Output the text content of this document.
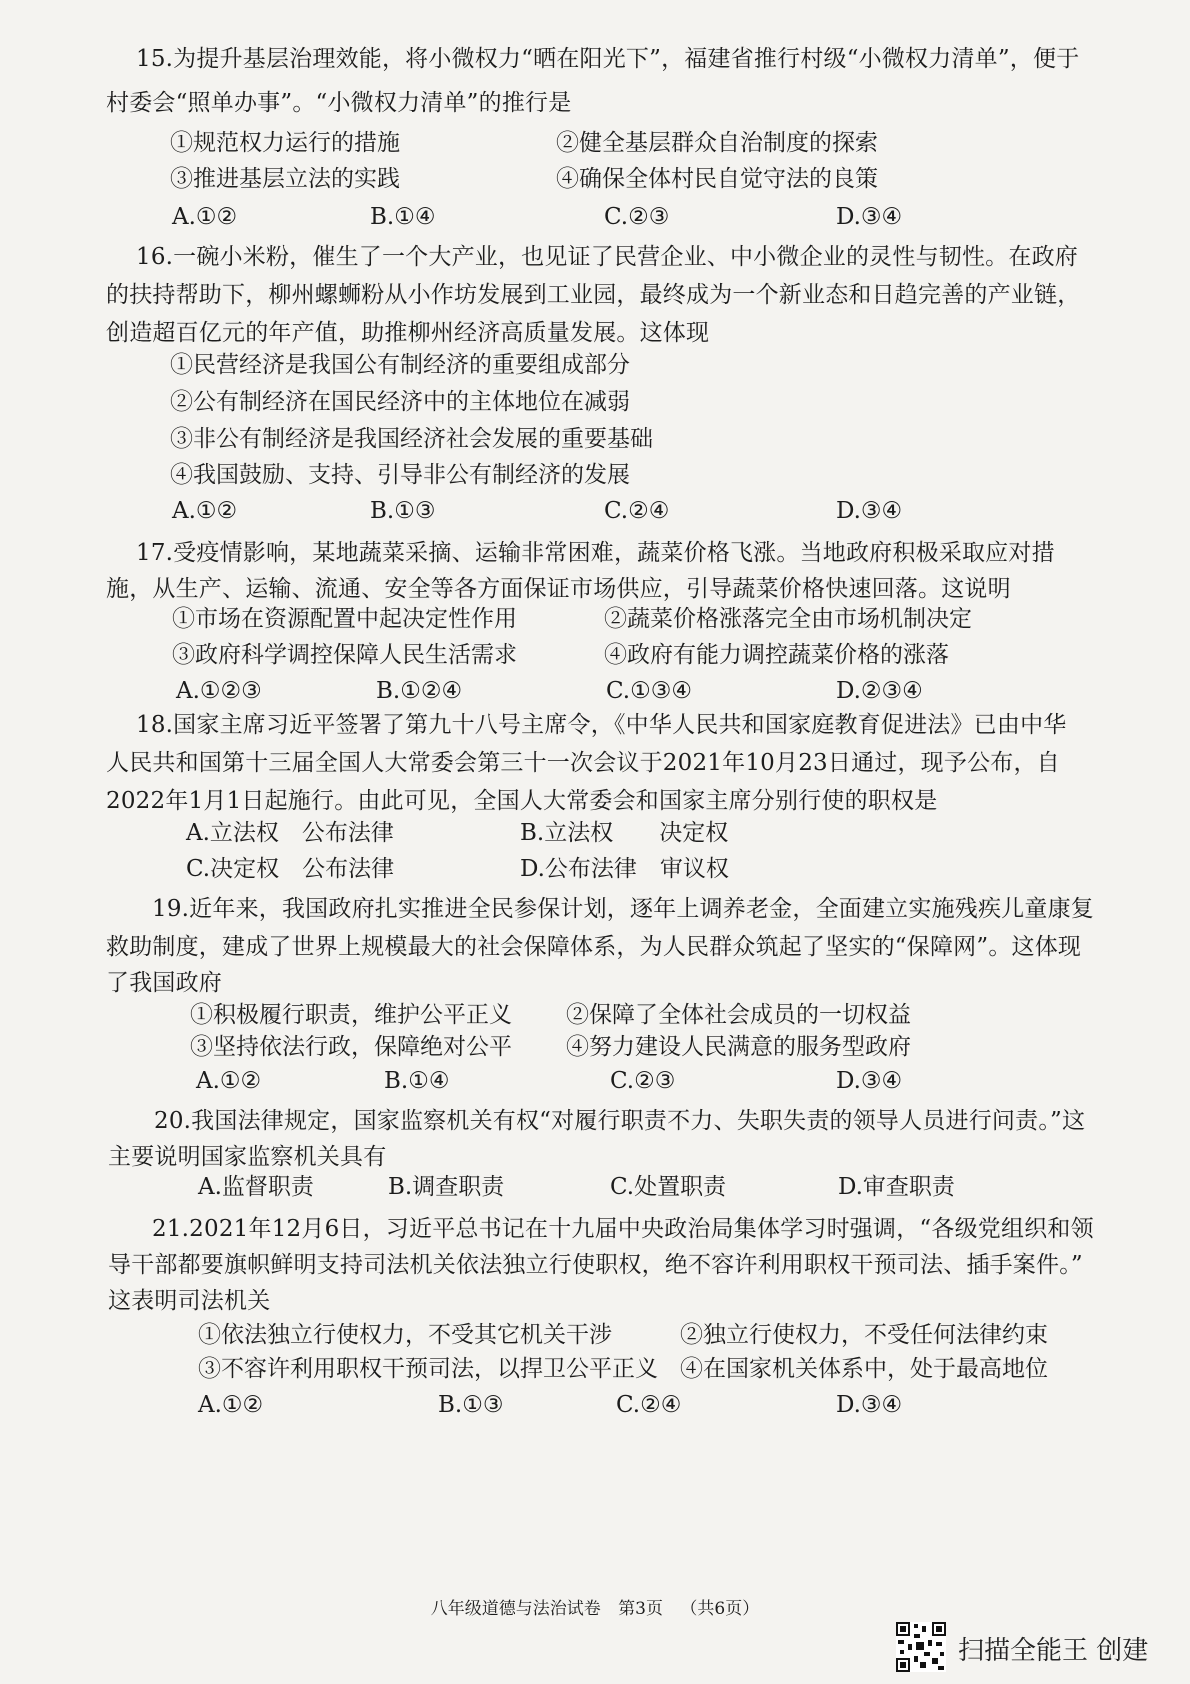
15.为提升基层治理效能，将小微权力“晒在阳光下”，福建省推行村级“小微权力清单”，便于
村委会“照单办事”。“小微权力清单”的推行是
①规范权力运行的措施	②健全基层群众自治制度的探索
③推进基层立法的实践	④确保全体村民自觉守法的良策
A.①②	B.①④	C.②③	D.③④
16.一碗小米粉，催生了一个大产业，也见证了民营企业、中小微企业的灵性与韧性。在政府
的扶持帮助下，柳州螺蛳粉从小作坊发展到工业园，最终成为一个新业态和日趋完善的产业链，
创造超百亿元的年产值，助推柳州经济高质量发展。这体现
①民营经济是我国公有制经济的重要组成部分
②公有制经济在国民经济中的主体地位在减弱
③非公有制经济是我国经济社会发展的重要基础
④我国鼓励、支持、引导非公有制经济的发展
A.①②	B.①③	C.②④	D.③④
17.受疫情影响，某地蔬菜采摘、运输非常困难，蔬菜价格飞涨。当地政府积极采取应对措
施，从生产、运输、流通、安全等各方面保证市场供应，引导蔬菜价格快速回落。这说明
①市场在资源配置中起决定性作用	②蔬菜价格涨落完全由市场机制决定
③政府科学调控保障人民生活需求	④政府有能力调控蔬菜价格的涨落
A.①②③	B.①②④	C.①③④	D.②③④
18.国家主席习近平签署了第九十八号主席令，《中华人民共和国家庭教育促进法》已由中华
人民共和国第十三届全国人大常委会第三十一次会议于2021年10月23日通过，现予公布，自
2022年1月1日起施行。由此可见，全国人大常委会和国家主席分别行使的职权是
A.立法权　公布法律	B.立法权　　决定权
C.决定权　公布法律	D.公布法律　审议权
19.近年来，我国政府扎实推进全民参保计划，逐年上调养老金，全面建立实施残疾儿童康复
救助制度，建成了世界上规模最大的社会保障体系，为人民群众筑起了坚实的“保障网”。这体现
了我国政府
①积极履行职责，维护公平正义 ②保障了全体社会成员的一切权益
③坚持依法行政，保障绝对公平 ④努力建设人民满意的服务型政府
A.①②	B.①④	C.②③	D.③④
20.我国法律规定，国家监察机关有权“对履行职责不力、失职失责的领导人员进行问责。”这
主要说明国家监察机关具有
A.监督职责	B.调查职责	C.处置职责	D.审查职责
21.2021年12月6日，习近平总书记在十九届中央政治局集体学习时强调，“各级党组织和领
导干部都要旗帜鲜明支持司法机关依法独立行使职权，绝不容许利用职权干预司法、插手案件。”
这表明司法机关
①依法独立行使权力，不受其它机关干涉	②独立行使权力，不受任何法律约束
③不容许利用职权干预司法，以捍卫公平正义 ④在国家机关体系中，处于最高地位
A.①②	B.①③	C.②④	D.③④
八年级道德与法治试卷 第3页 （共6页）
扫描全能王 创建
